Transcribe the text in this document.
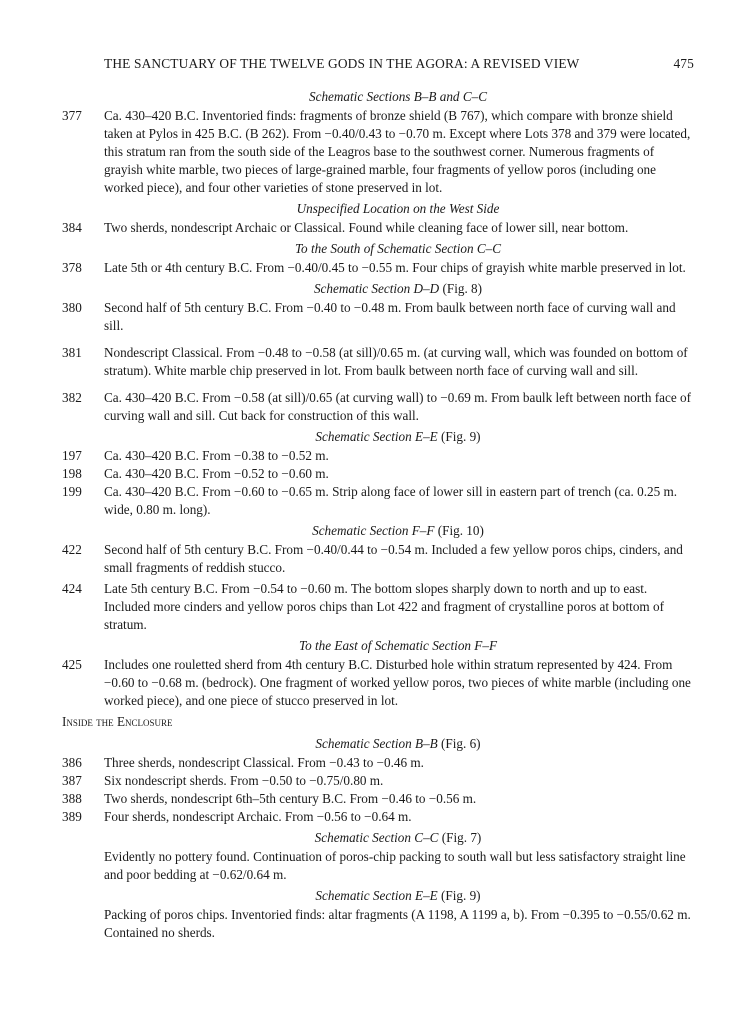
THE SANCTUARY OF THE TWELVE GODS IN THE AGORA: A REVISED VIEW	475
Schematic Sections B–B and C–C
377 Ca. 430–420 B.C. Inventoried finds: fragments of bronze shield (B 767), which compare with bronze shield taken at Pylos in 425 B.C. (B 262). From −0.40/0.43 to −0.70 m. Except where Lots 378 and 379 were located, this stratum ran from the south side of the Leagros base to the southwest corner. Numerous fragments of grayish white marble, two pieces of large-grained marble, four fragments of yellow poros (including one worked piece), and four other varieties of stone preserved in lot.
Unspecified Location on the West Side
384 Two sherds, nondescript Archaic or Classical. Found while cleaning face of lower sill, near bottom.
To the South of Schematic Section C–C
378 Late 5th or 4th century B.C. From −0.40/0.45 to −0.55 m. Four chips of grayish white marble preserved in lot.
Schematic Section D–D (Fig. 8)
380 Second half of 5th century B.C. From −0.40 to −0.48 m. From baulk between north face of curving wall and sill.
381 Nondescript Classical. From −0.48 to −0.58 (at sill)/0.65 m. (at curving wall, which was founded on bottom of stratum). White marble chip preserved in lot. From baulk between north face of curving wall and sill.
382 Ca. 430–420 B.C. From −0.58 (at sill)/0.65 (at curving wall) to −0.69 m. From baulk left between north face of curving wall and sill. Cut back for construction of this wall.
Schematic Section E–E (Fig. 9)
197 Ca. 430–420 B.C. From −0.38 to −0.52 m.
198 Ca. 430–420 B.C. From −0.52 to −0.60 m.
199 Ca. 430–420 B.C. From −0.60 to −0.65 m. Strip along face of lower sill in eastern part of trench (ca. 0.25 m. wide, 0.80 m. long).
Schematic Section F–F (Fig. 10)
422 Second half of 5th century B.C. From −0.40/0.44 to −0.54 m. Included a few yellow poros chips, cinders, and small fragments of reddish stucco.
424 Late 5th century B.C. From −0.54 to −0.60 m. The bottom slopes sharply down to north and up to east. Included more cinders and yellow poros chips than Lot 422 and fragment of crystalline poros at bottom of stratum.
To the East of Schematic Section F–F
425 Includes one rouletted sherd from 4th century B.C. Disturbed hole within stratum represented by 424. From −0.60 to −0.68 m. (bedrock). One fragment of worked yellow poros, two pieces of white marble (including one worked piece), and one piece of stucco preserved in lot.
Inside the Enclosure
Schematic Section B–B (Fig. 6)
386 Three sherds, nondescript Classical. From −0.43 to −0.46 m.
387 Six nondescript sherds. From −0.50 to −0.75/0.80 m.
388 Two sherds, nondescript 6th–5th century B.C. From −0.46 to −0.56 m.
389 Four sherds, nondescript Archaic. From −0.56 to −0.64 m.
Schematic Section C–C (Fig. 7)
Evidently no pottery found. Continuation of poros-chip packing to south wall but less satisfactory straight line and poor bedding at −0.62/0.64 m.
Schematic Section E–E (Fig. 9)
Packing of poros chips. Inventoried finds: altar fragments (A 1198, A 1199 a, b). From −0.395 to −0.55/0.62 m. Contained no sherds.
